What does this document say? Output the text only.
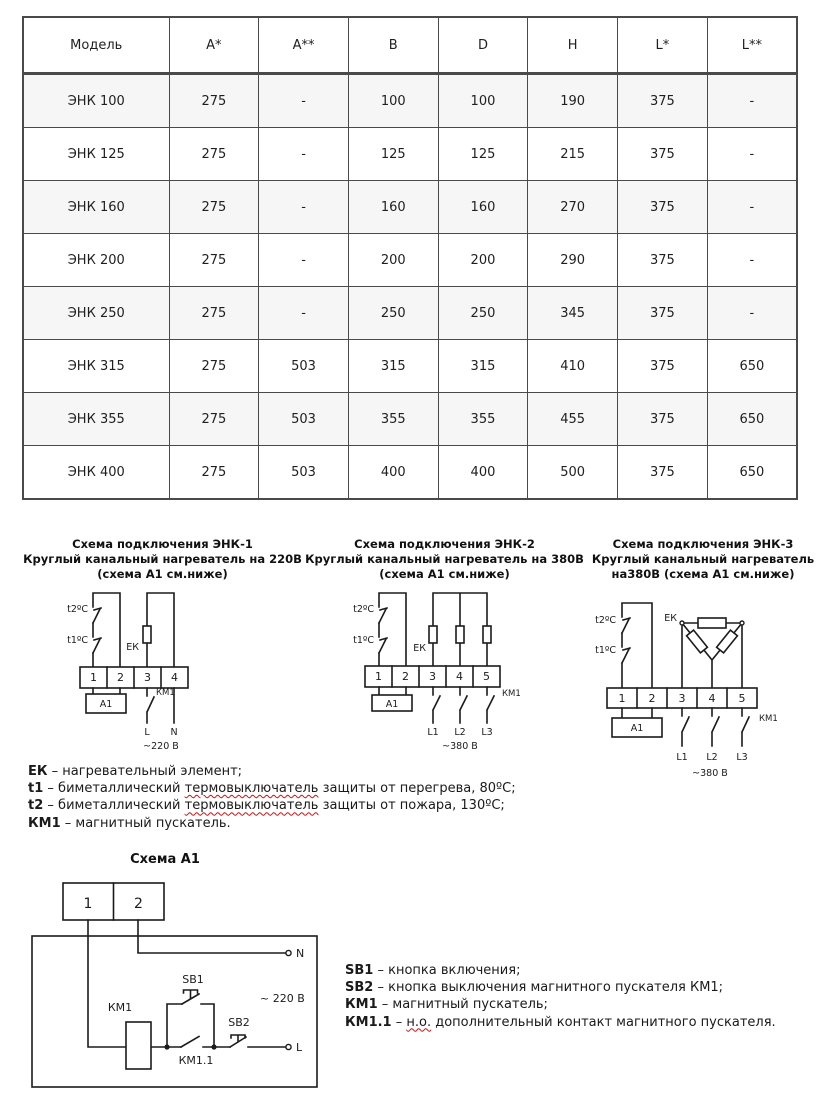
Модель	A*	A**	B	D	H	L*	L**
ЭНК 100	275	-	100	100	190	375	-
ЭНК 125	275	-	125	125	215	375	-
ЭНК 160	275	-	160	160	270	375	-
ЭНК 200	275	-	200	200	290	375	-
ЭНК 250	275	-	250	250	345	375	-
ЭНК 315	275	503	315	315	410	375	650
ЭНК 355	275	503	355	355	455	375	650
ЭНК 400	275	503	400	400	500	375	650
Схема подключения ЭНК-1
Круглый канальный нагреватель на 220В
(схема А1 см.ниже)
Схема подключения ЭНК-2
Круглый канальный нагреватель на 380В
(схема А1 см.ниже)
Схема подключения ЭНК-3
Круглый канальный нагреватель
на380В (схема А1 см.ниже)
t2ºС
t1ºС
ЕК
1 2 3 4
А1
КМ1
L N
~220 В
t2ºС
t1ºС
ЕК
1 2 3 4 5
А1
КМ1
L1 L2 L3
~380 В
t2ºС
t1ºС
ЕК
1 2 3 4 5
А1
КМ1
L1 L2 L3
~380 В
ЕК – нагревательный элемент;
t1 – биметаллический термовыключатель защиты от перегрева, 80ºС;
t2 – биметаллический термовыключатель защиты от пожара, 130ºС;
КМ1 – магнитный пускатель.
Схема А1
1	2
N
L
КМ1
SB1
SB2
КМ1.1
~ 220 В
SB1 – кнопка включения;
SB2 – кнопка выключения магнитного пускателя КМ1;
КМ1 – магнитный пускатель;
КМ1.1 – н.о. дополнительный контакт магнитного пускателя.
